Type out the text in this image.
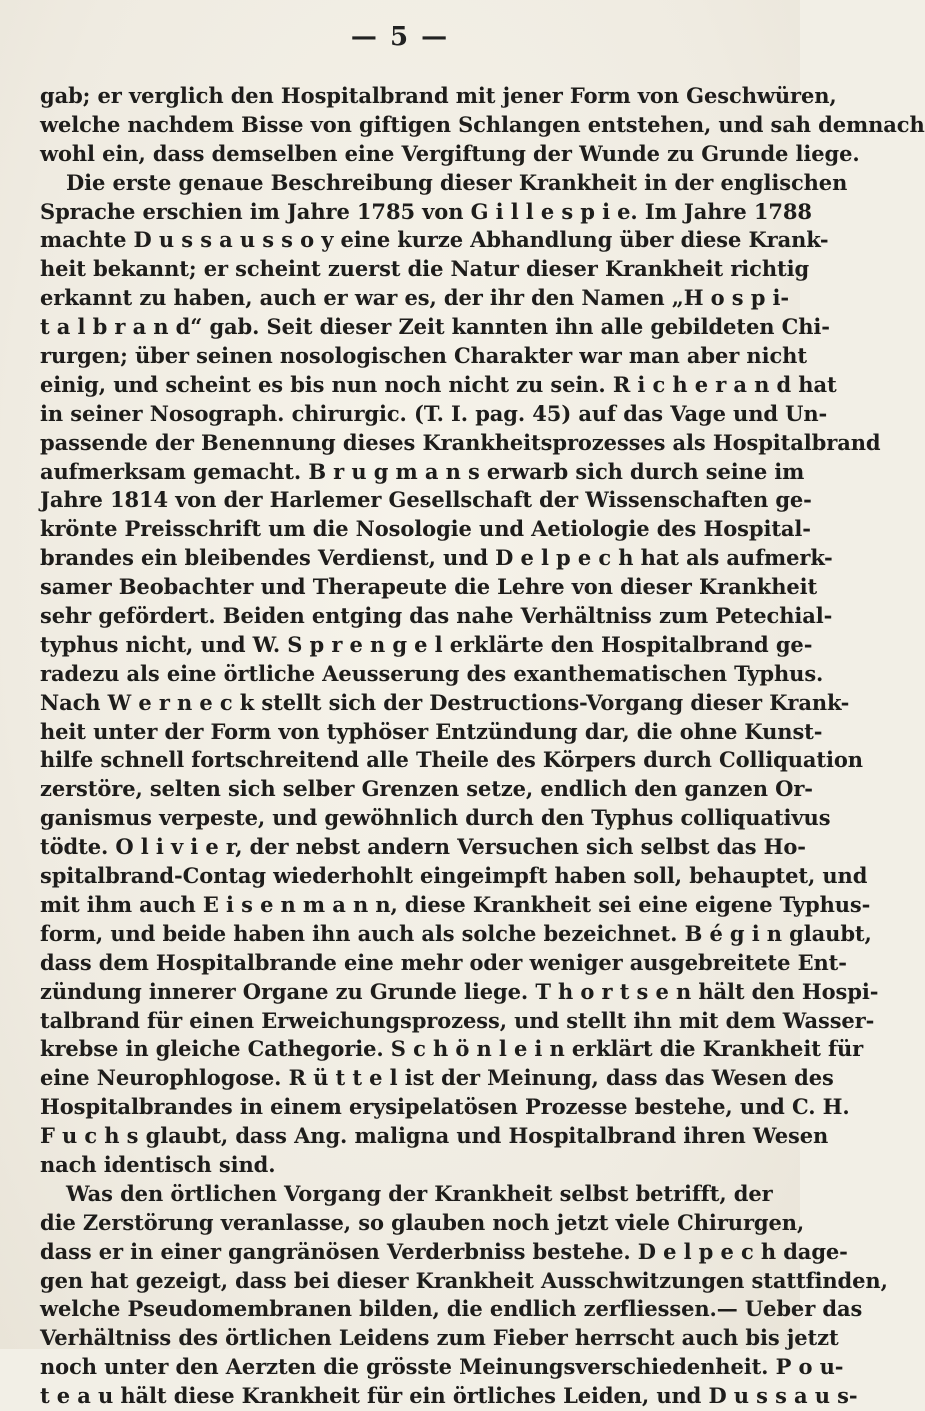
— 5 —
gab; er verglich den Hospitalbrand mit jener Form von Geschwüren,
welche nachdem Bisse von giftigen Schlangen entstehen, und sah demnach
wohl ein, dass demselben eine Vergiftung der Wunde zu Grunde liege.
Die erste genaue Beschreibung dieser Krankheit in der englischen
Sprache erschien im Jahre 1785 von G i l l e s p i e. Im Jahre 1788
machte D u s s a u s s o y eine kurze Abhandlung über diese Krank-
heit bekannt; er scheint zuerst die Natur dieser Krankheit richtig
erkannt zu haben, auch er war es, der ihr den Namen „H o s p i-
t a l b r a n d“ gab. Seit dieser Zeit kannten ihn alle gebildeten Chi-
rurgen; über seinen nosologischen Charakter war man aber nicht
einig, und scheint es bis nun noch nicht zu sein. R i c h e r a n d hat
in seiner Nosograph. chirurgic. (T. I. pag. 45) auf das Vage und Un-
passende der Benennung dieses Krankheitsprozesses als Hospitalbrand
aufmerksam gemacht. B r u g m a n s erwarb sich durch seine im
Jahre 1814 von der Harlemer Gesellschaft der Wissenschaften ge-
krönte Preisschrift um die Nosologie und Aetiologie des Hospital-
brandes ein bleibendes Verdienst, und D e l p e c h hat als aufmerk-
samer Beobachter und Therapeute die Lehre von dieser Krankheit
sehr gefördert. Beiden entging das nahe Verhältniss zum Petechial-
typhus nicht, und W. S p r e n g e l erklärte den Hospitalbrand ge-
radezu als eine örtliche Aeusserung des exanthematischen Typhus.
Nach W e r n e c k stellt sich der Destructions-Vorgang dieser Krank-
heit unter der Form von typhöser Entzündung dar, die ohne Kunst-
hilfe schnell fortschreitend alle Theile des Körpers durch Colliquation
zerstöre, selten sich selber Grenzen setze, endlich den ganzen Or-
ganismus verpeste, und gewöhnlich durch den Typhus colliquativus
tödte. O l i v i e r, der nebst andern Versuchen sich selbst das Ho-
spitalbrand-Contag wiederhohlt eingeimpft haben soll, behauptet, und
mit ihm auch E i s e n m a n n, diese Krankheit sei eine eigene Typhus-
form, und beide haben ihn auch als solche bezeichnet. B é g i n glaubt,
dass dem Hospitalbrande eine mehr oder weniger ausgebreitete Ent-
zündung innerer Organe zu Grunde liege. T h o r t s e n hält den Hospi-
talbrand für einen Erweichungsprozess, und stellt ihn mit dem Wasser-
krebse in gleiche Cathegorie. S c h ö n l e i n erklärt die Krankheit für
eine Neurophlogose. R ü t t e l ist der Meinung, dass das Wesen des
Hospitalbrandes in einem erysipelatösen Prozesse bestehe, und C. H.
F u c h s glaubt, dass Ang. maligna und Hospitalbrand ihren Wesen
nach identisch sind.
Was den örtlichen Vorgang der Krankheit selbst betrifft, der
die Zerstörung veranlasse, so glauben noch jetzt viele Chirurgen,
dass er in einer gangränösen Verderbniss bestehe. D e l p e c h dage-
gen hat gezeigt, dass bei dieser Krankheit Ausschwitzungen stattfinden,
welche Pseudomembranen bilden, die endlich zerfliessen.— Ueber das
Verhältniss des örtlichen Leidens zum Fieber herrscht auch bis jetzt
noch unter den Aerzten die grösste Meinungsverschiedenheit. P o u-
t e a u hält diese Krankheit für ein örtliches Leiden, und D u s s a u s-
